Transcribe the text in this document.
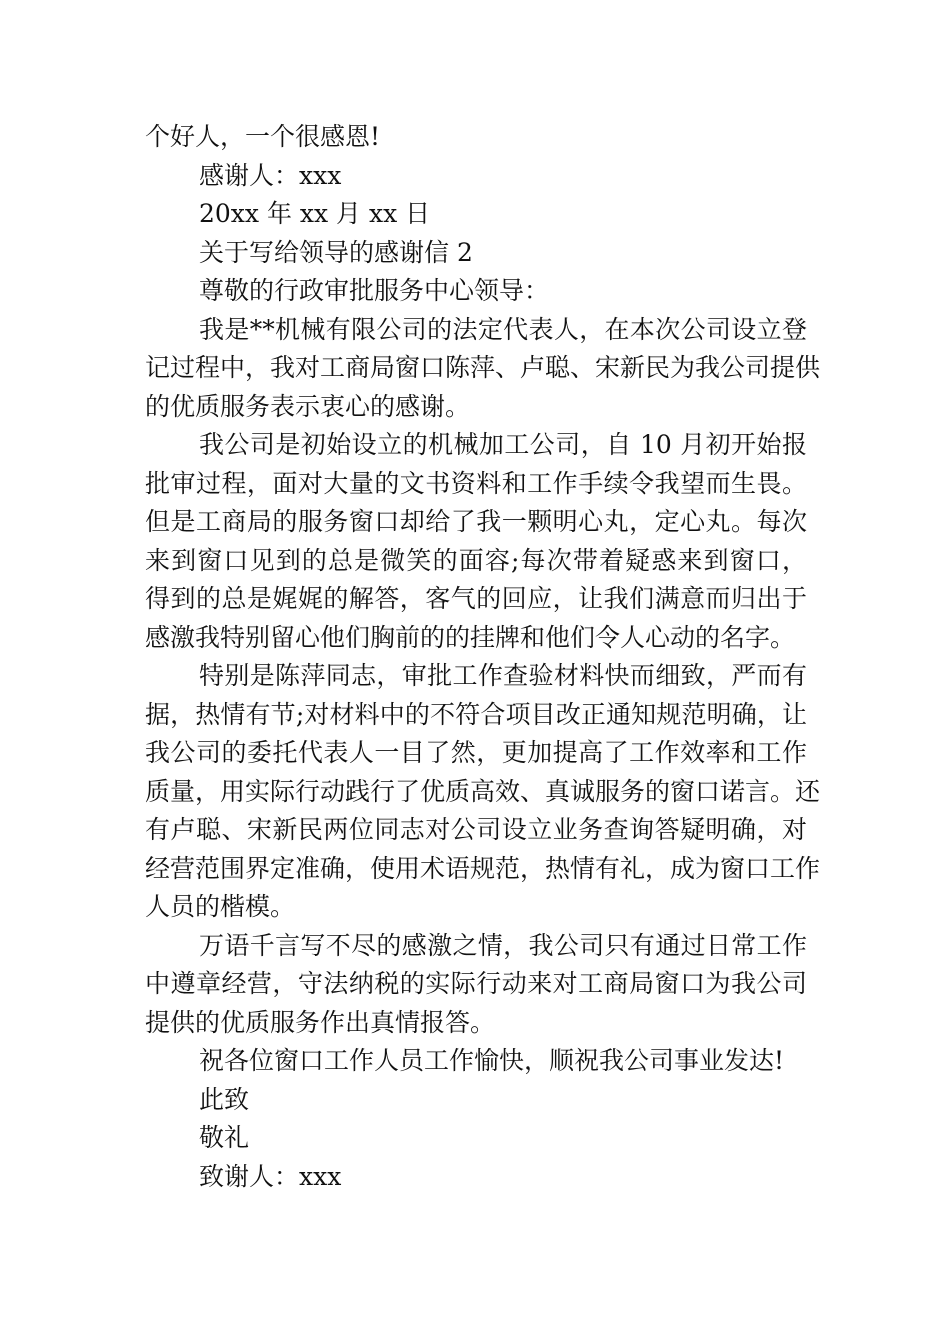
个好人，一个很感恩!
感谢人：xxx
20xx 年 xx 月 xx 日
关于写给领导的感谢信 2
尊敬的行政审批服务中心领导：
我是**机械有限公司的法定代表人，在本次公司设立登
记过程中，我对工商局窗口陈萍、卢聪、宋新民为我公司提供
的优质服务表示衷心的感谢。
我公司是初始设立的机械加工公司，自 10 月初开始报
批审过程，面对大量的文书资料和工作手续令我望而生畏。
但是工商局的服务窗口却给了我一颗明心丸，定心丸。每次
来到窗口见到的总是微笑的面容;每次带着疑惑来到窗口，
得到的总是娓娓的解答，客气的回应，让我们满意而归出于
感激我特别留心他们胸前的的挂牌和他们令人心动的名字。
特别是陈萍同志，审批工作查验材料快而细致，严而有
据，热情有节;对材料中的不符合项目改正通知规范明确，让
我公司的委托代表人一目了然，更加提高了工作效率和工作
质量，用实际行动践行了优质高效、真诚服务的窗口诺言。还
有卢聪、宋新民两位同志对公司设立业务查询答疑明确，对
经营范围界定准确，使用术语规范，热情有礼，成为窗口工作
人员的楷模。
万语千言写不尽的感激之情，我公司只有通过日常工作
中遵章经营，守法纳税的实际行动来对工商局窗口为我公司
提供的优质服务作出真情报答。
祝各位窗口工作人员工作愉快，顺祝我公司事业发达!
此致
敬礼
致谢人：xxx
